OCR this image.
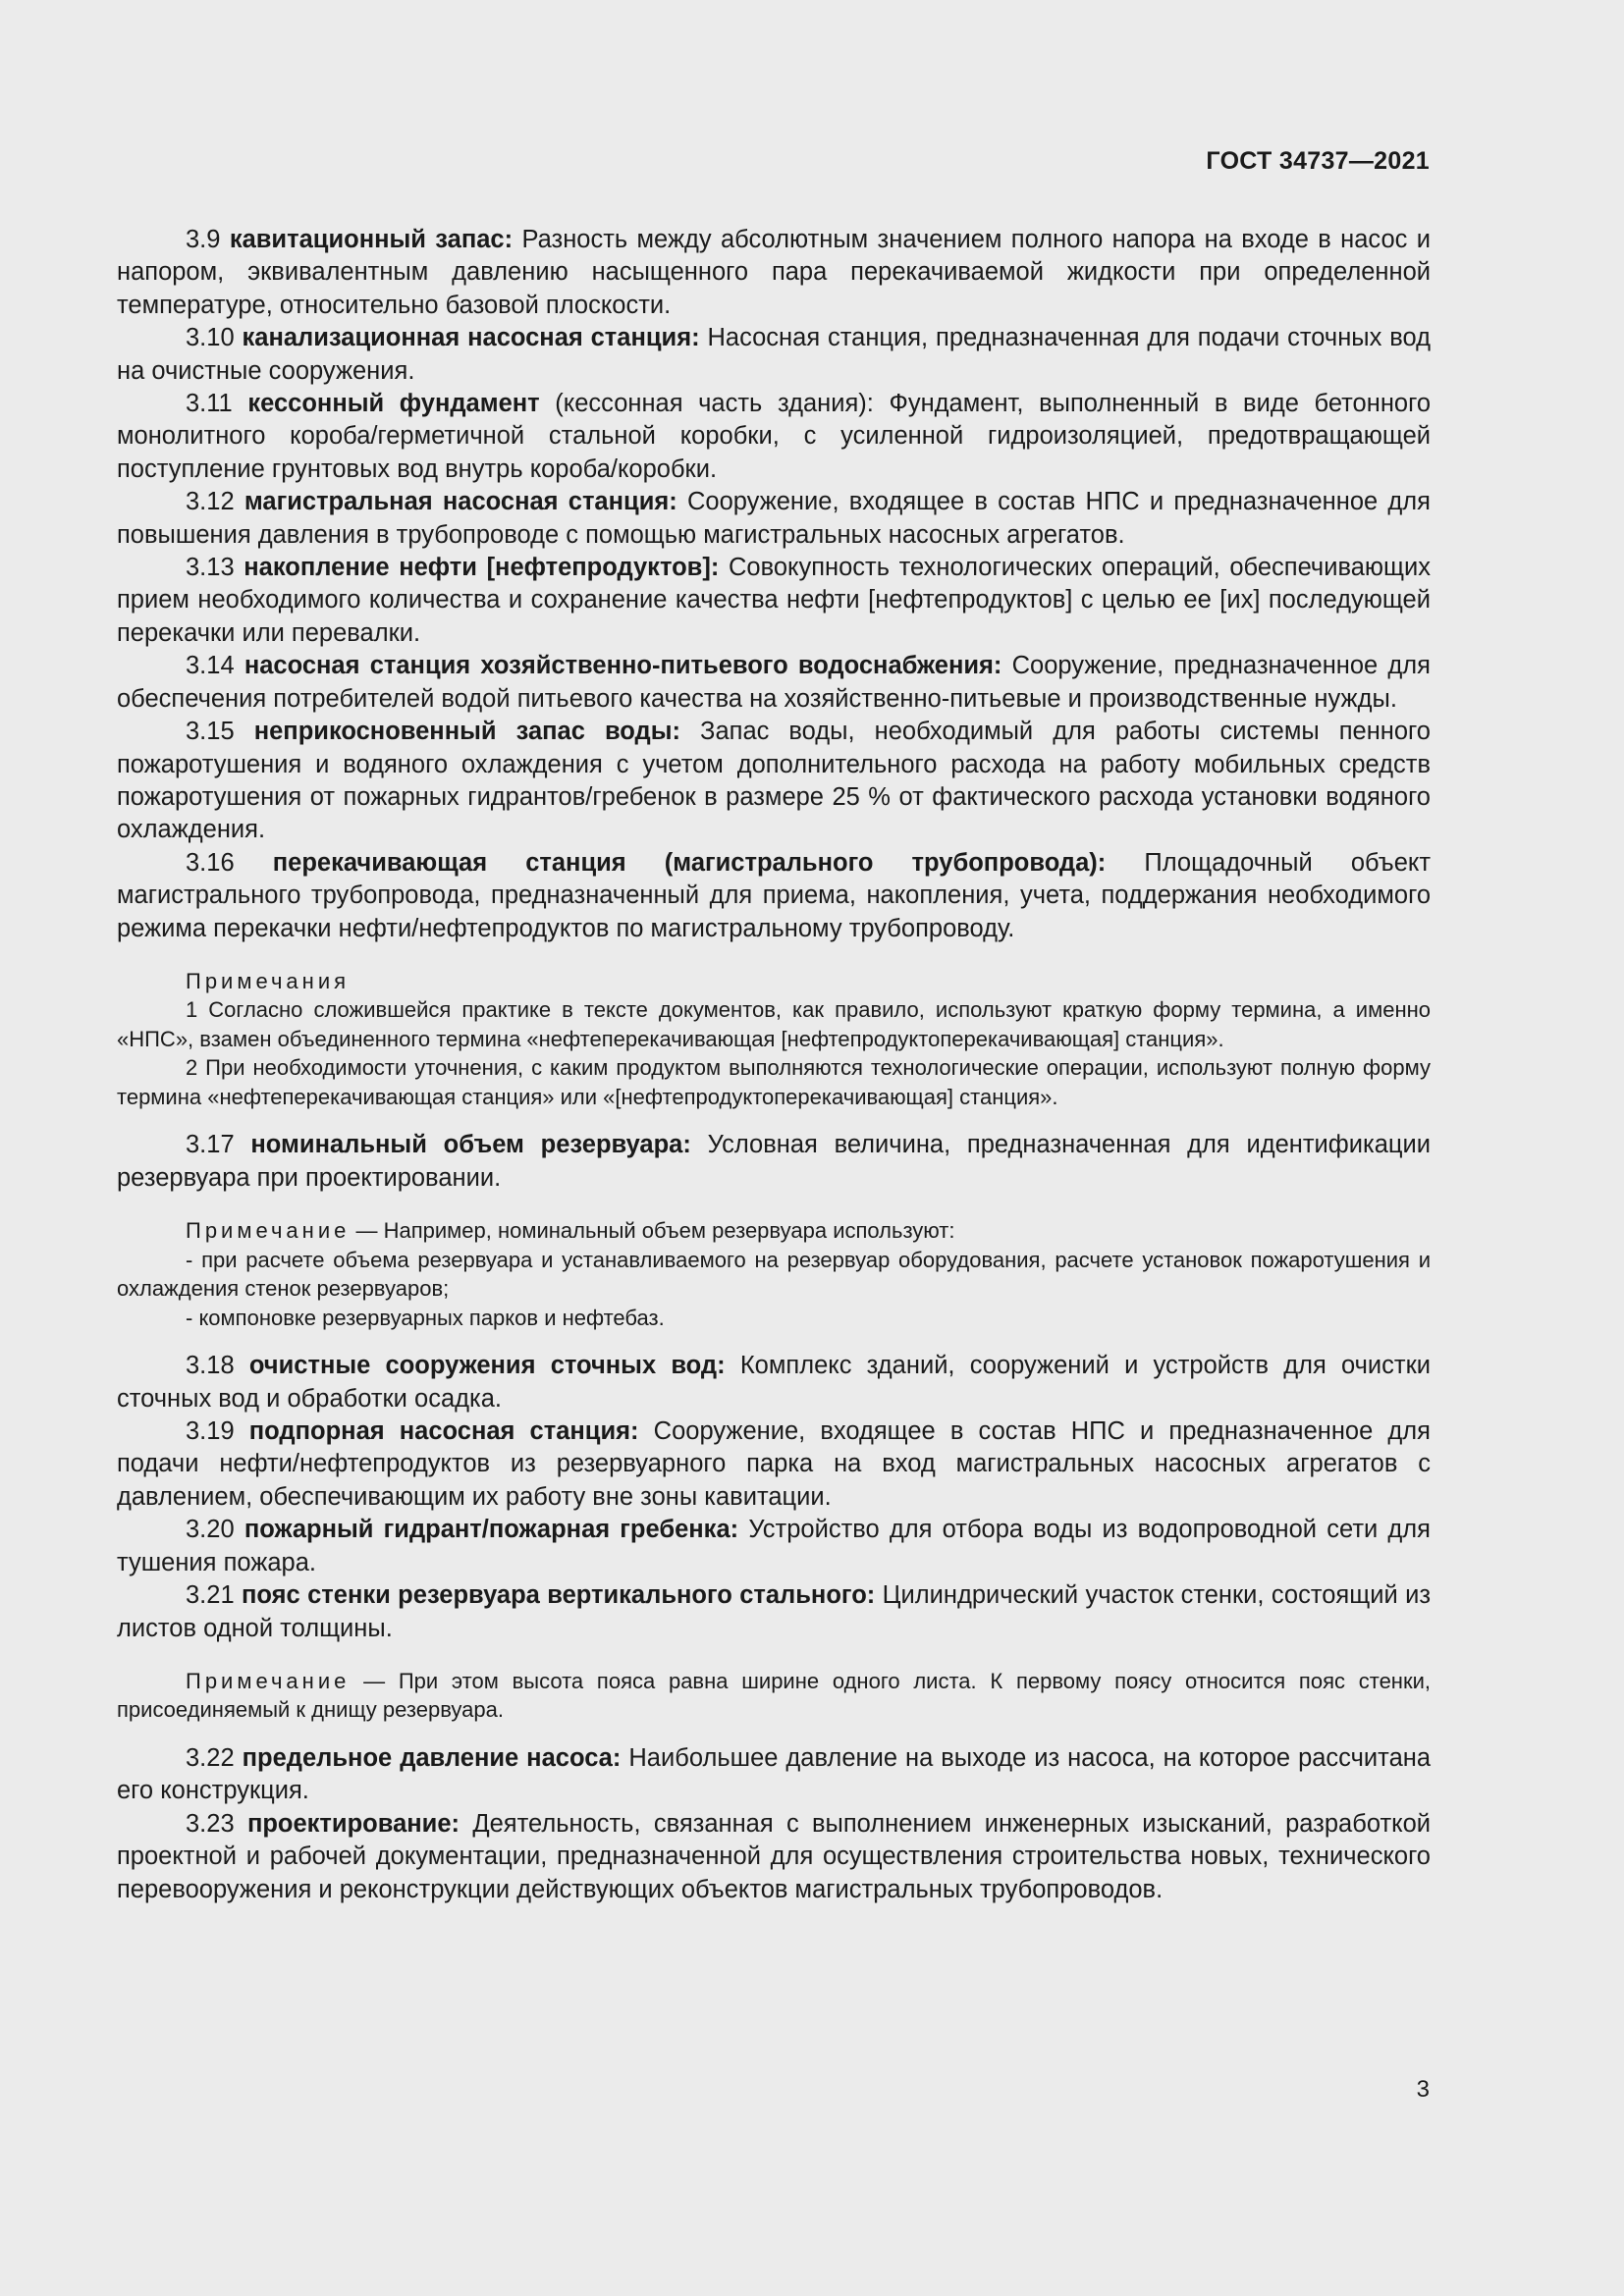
ГОСТ 34737—2021

3.9 кавитационный запас: Разность между абсолютным значением полного напора на входе в насос и напором, эквивалентным давлению насыщенного пара перекачиваемой жидкости при определенной температуре, относительно базовой плоскости.

3.10 канализационная насосная станция: Насосная станция, предназначенная для подачи сточных вод на очистные сооружения.

3.11 кессонный фундамент (кессонная часть здания): Фундамент, выполненный в виде бетонного монолитного короба/герметичной стальной коробки, с усиленной гидроизоляцией, предотвращающей поступление грунтовых вод внутрь короба/коробки.

3.12 магистральная насосная станция: Сооружение, входящее в состав НПС и предназначенное для повышения давления в трубопроводе с помощью магистральных насосных агрегатов.

3.13 накопление нефти [нефтепродуктов]: Совокупность технологических операций, обеспечивающих прием необходимого количества и сохранение качества нефти [нефтепродуктов] с целью ее [их] последующей перекачки или перевалки.

3.14 насосная станция хозяйственно-питьевого водоснабжения: Сооружение, предназначенное для обеспечения потребителей водой питьевого качества на хозяйственно-питьевые и производственные нужды.

3.15 неприкосновенный запас воды: Запас воды, необходимый для работы системы пенного пожаротушения и водяного охлаждения с учетом дополнительного расхода на работу мобильных средств пожаротушения от пожарных гидрантов/гребенок в размере 25 % от фактического расхода установки водяного охлаждения.

3.16 перекачивающая станция (магистрального трубопровода): Площадочный объект магистрального трубопровода, предназначенный для приема, накопления, учета, поддержания необходимого режима перекачки нефти/нефтепродуктов по магистральному трубопроводу.

Примечания

1 Согласно сложившейся практике в тексте документов, как правило, используют краткую форму термина, а именно «НПС», взамен объединенного термина «нефтеперекачивающая [нефтепродуктоперекачивающая] станция».

2 При необходимости уточнения, с каким продуктом выполняются технологические операции, используют полную форму термина «нефтеперекачивающая станция» или «[нефтепродуктоперекачивающая] станция».

3.17 номинальный объем резервуара: Условная величина, предназначенная для идентификации резервуара при проектировании.

Примечание — Например, номинальный объем резервуара используют:

- при расчете объема резервуара и устанавливаемого на резервуар оборудования, расчете установок пожаротушения и охлаждения стенок резервуаров;

- компоновке резервуарных парков и нефтебаз.

3.18 очистные сооружения сточных вод: Комплекс зданий, сооружений и устройств для очистки сточных вод и обработки осадка.

3.19 подпорная насосная станция: Сооружение, входящее в состав НПС и предназначенное для подачи нефти/нефтепродуктов из резервуарного парка на вход магистральных насосных агрегатов с давлением, обеспечивающим их работу вне зоны кавитации.

3.20 пожарный гидрант/пожарная гребенка: Устройство для отбора воды из водопроводной сети для тушения пожара.

3.21 пояс стенки резервуара вертикального стального: Цилиндрический участок стенки, состоящий из листов одной толщины.

Примечание — При этом высота пояса равна ширине одного листа. К первому поясу относится пояс стенки, присоединяемый к днищу резервуара.

3.22 предельное давление насоса: Наибольшее давление на выходе из насоса, на которое рассчитана его конструкция.

3.23 проектирование: Деятельность, связанная с выполнением инженерных изысканий, разработкой проектной и рабочей документации, предназначенной для осуществления строительства новых, технического перевооружения и реконструкции действующих объектов магистральных трубопроводов.

3
